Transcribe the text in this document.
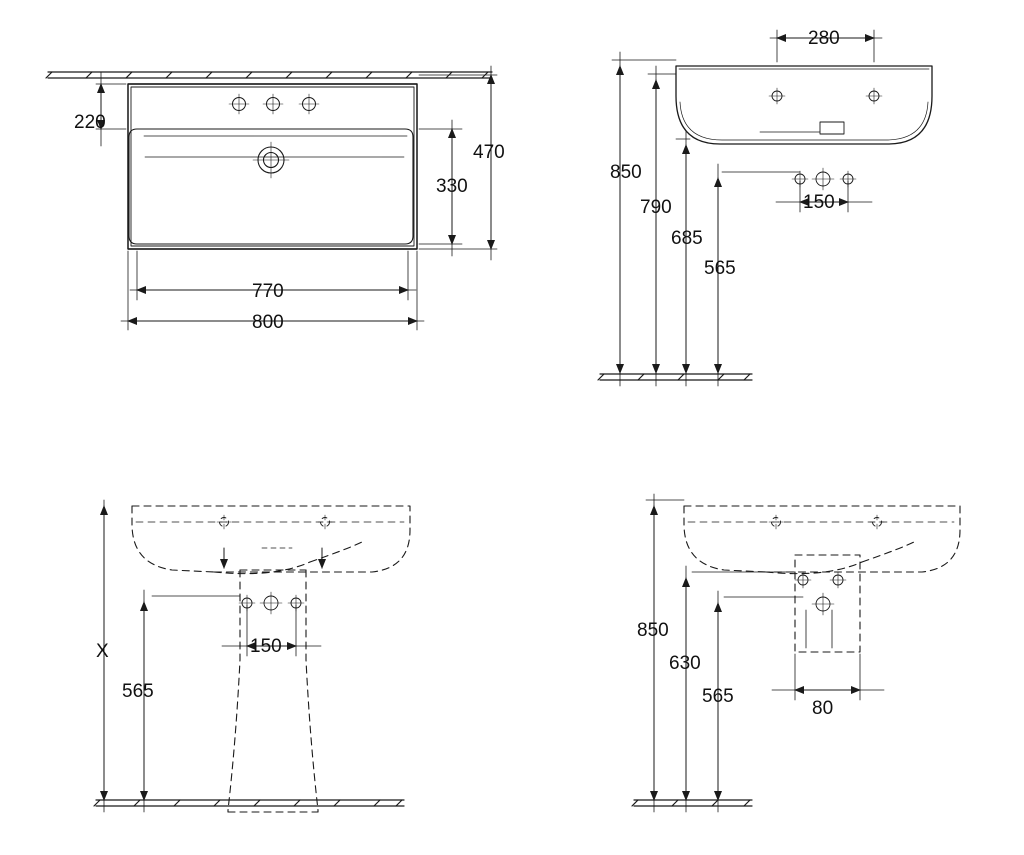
220
470
330
770
800
280
850
790
685
565
150
X
565
150
850
630
565
80
